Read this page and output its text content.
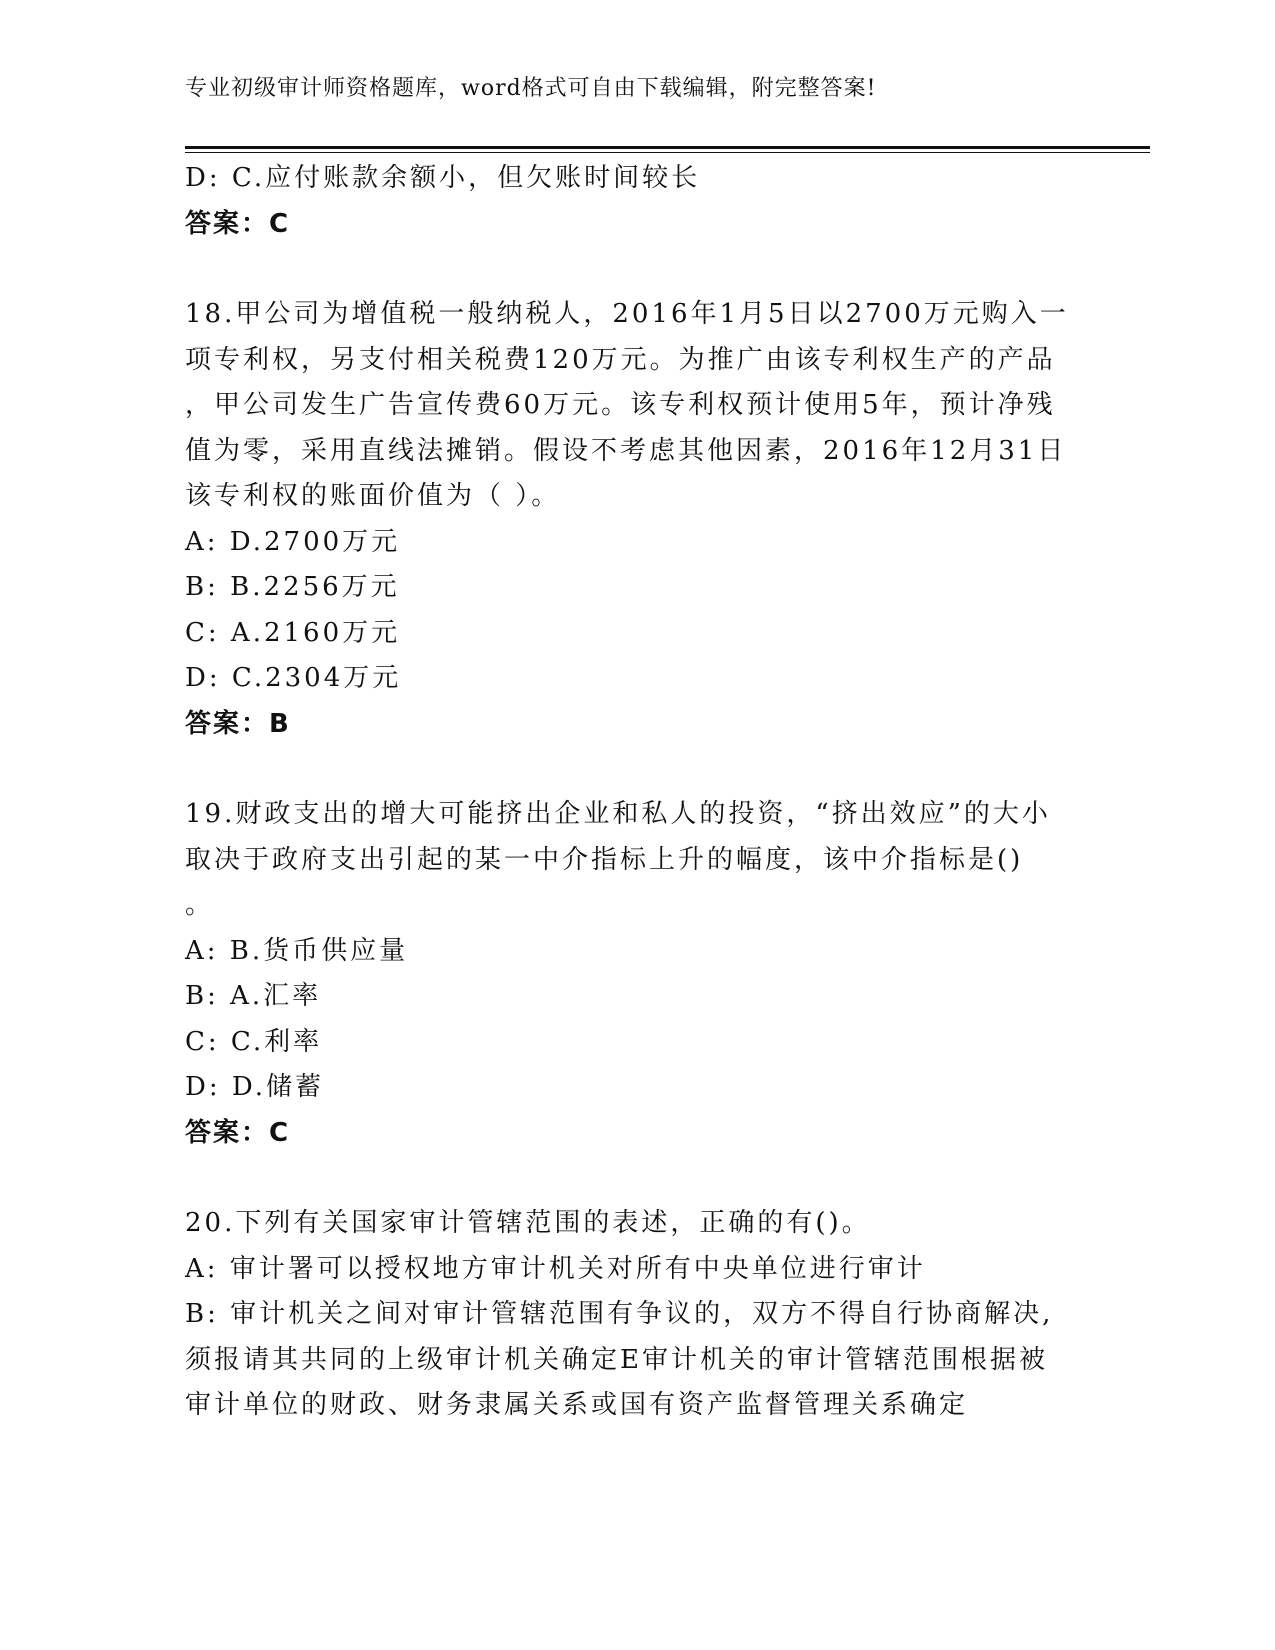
专业初级审计师资格题库，word格式可自由下载编辑，附完整答案!
D: C.应付账款余额小，但欠账时间较长
答案：C
18.甲公司为增值税一般纳税人，2016年1月5日以2700万元购入一
项专利权，另支付相关税费120万元。为推广由该专利权生产的产品
，甲公司发生广告宣传费60万元。该专利权预计使用5年，预计净残
值为零，采用直线法摊销。假设不考虑其他因素，2016年12月31日
该专利权的账面价值为（ ）。
A: D.2700万元
B: B.2256万元
C: A.2160万元
D: C.2304万元
答案：B
19.财政支出的增大可能挤出企业和私人的投资，“挤出效应”的大小
取决于政府支出引起的某一中介指标上升的幅度，该中介指标是()
。
A: B.货币供应量
B: A.汇率
C: C.利率
D: D.储蓄
答案：C
20.下列有关国家审计管辖范围的表述，正确的有()。
A: 审计署可以授权地方审计机关对所有中央单位进行审计
B: 审计机关之间对审计管辖范围有争议的，双方不得自行协商解决,
须报请其共同的上级审计机关确定E审计机关的审计管辖范围根据被
审计单位的财政、财务隶属关系或国有资产监督管理关系确定
